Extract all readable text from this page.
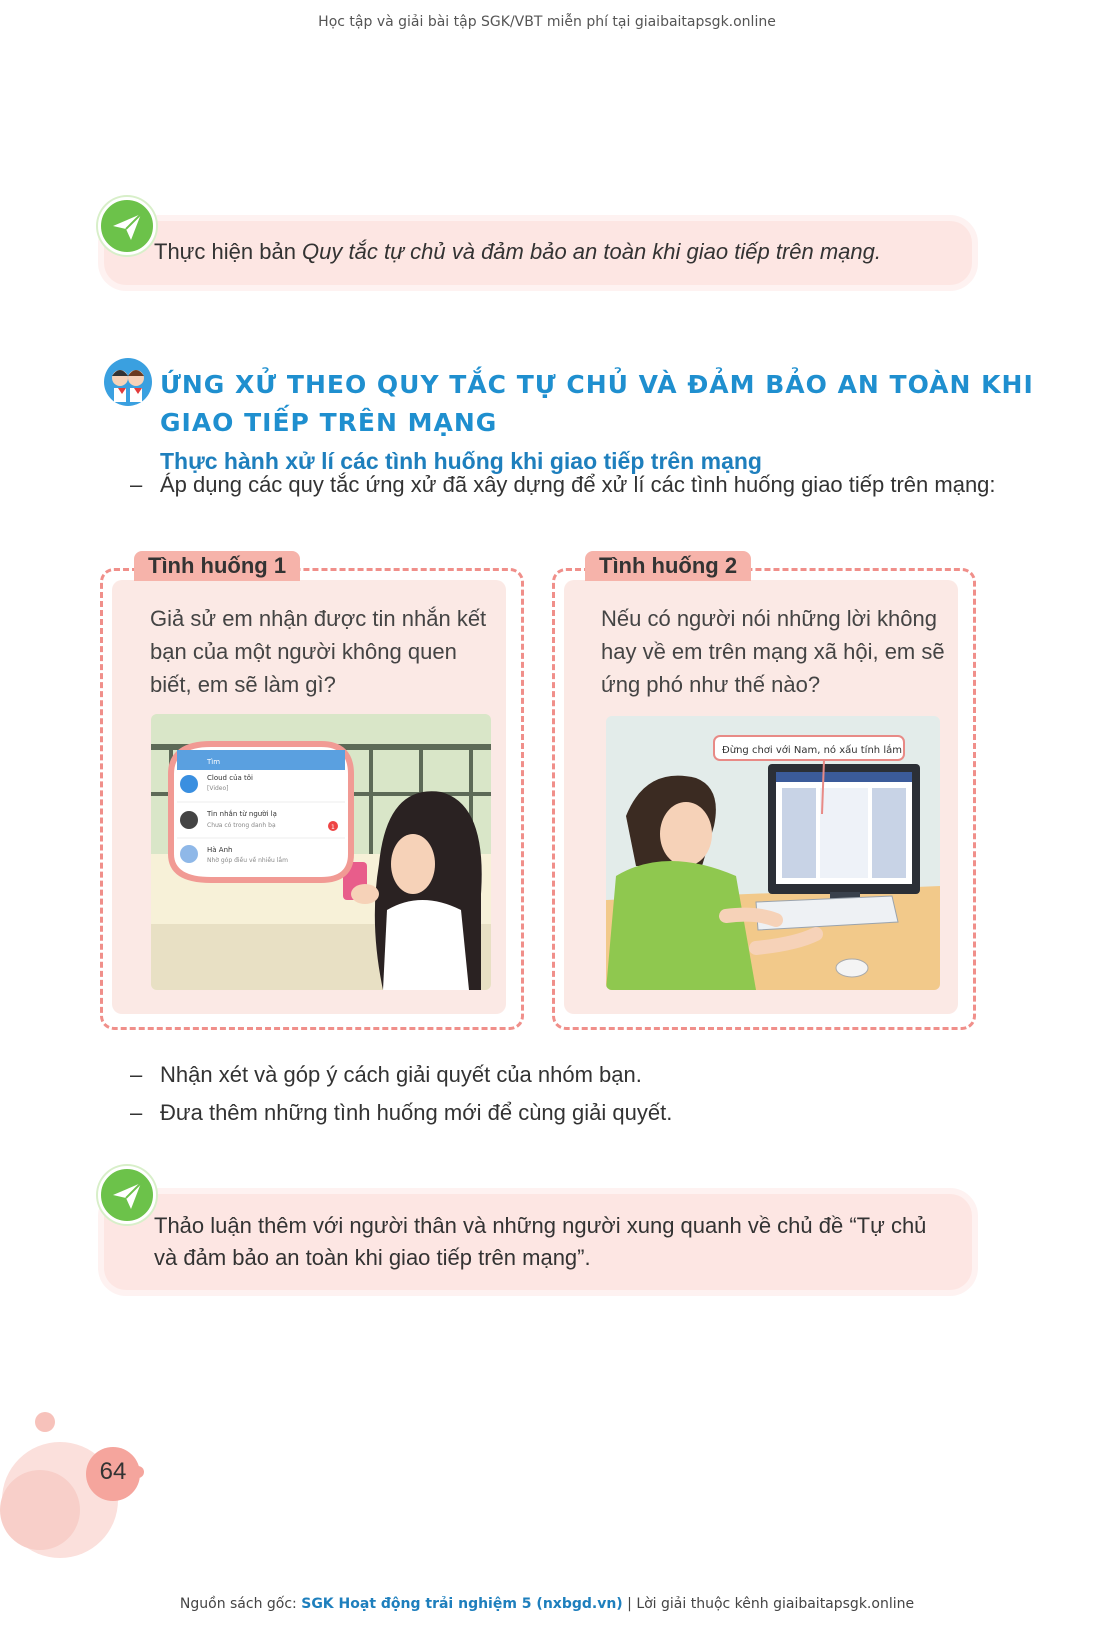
Học tập và giải bài tập SGK/VBT miễn phí tại giaibaitapsgk.online
Thực hiện bản Quy tắc tự chủ và đảm bảo an toàn khi giao tiếp trên mạng.
ỨNG XỬ THEO QUY TẮC TỰ CHỦ VÀ ĐẢM BẢO AN TOÀN KHI GIAO TIẾP TRÊN MẠNG
Thực hành xử lí các tình huống khi giao tiếp trên mạng
– Áp dụng các quy tắc ứng xử đã xây dựng để xử lí các tình huống giao tiếp trên mạng:
Tình huống 1
Giả sử em nhận được tin nhắn kết bạn của một người không quen biết, em sẽ làm gì?
Cloud của tôi
[Video]
Tin nhắn từ người lạ
Chưa có trong danh bạ	1
Hà Anh
Nhờ góp điều về nhiều lắm
Tìm
Tình huống 2
Nếu có người nói những lời không hay về em trên mạng xã hội, em sẽ ứng phó như thế nào?
Đừng chơi với Nam, nó xấu tính lắm
– Nhận xét và góp ý cách giải quyết của nhóm bạn.
– Đưa thêm những tình huống mới để cùng giải quyết.
Thảo luận thêm với người thân và những người xung quanh về chủ đề “Tự chủ và đảm bảo an toàn khi giao tiếp trên mạng”.
64
Nguồn sách gốc: SGK Hoạt động trải nghiệm 5 (nxbgd.vn) | Lời giải thuộc kênh giaibaitapsgk.online
